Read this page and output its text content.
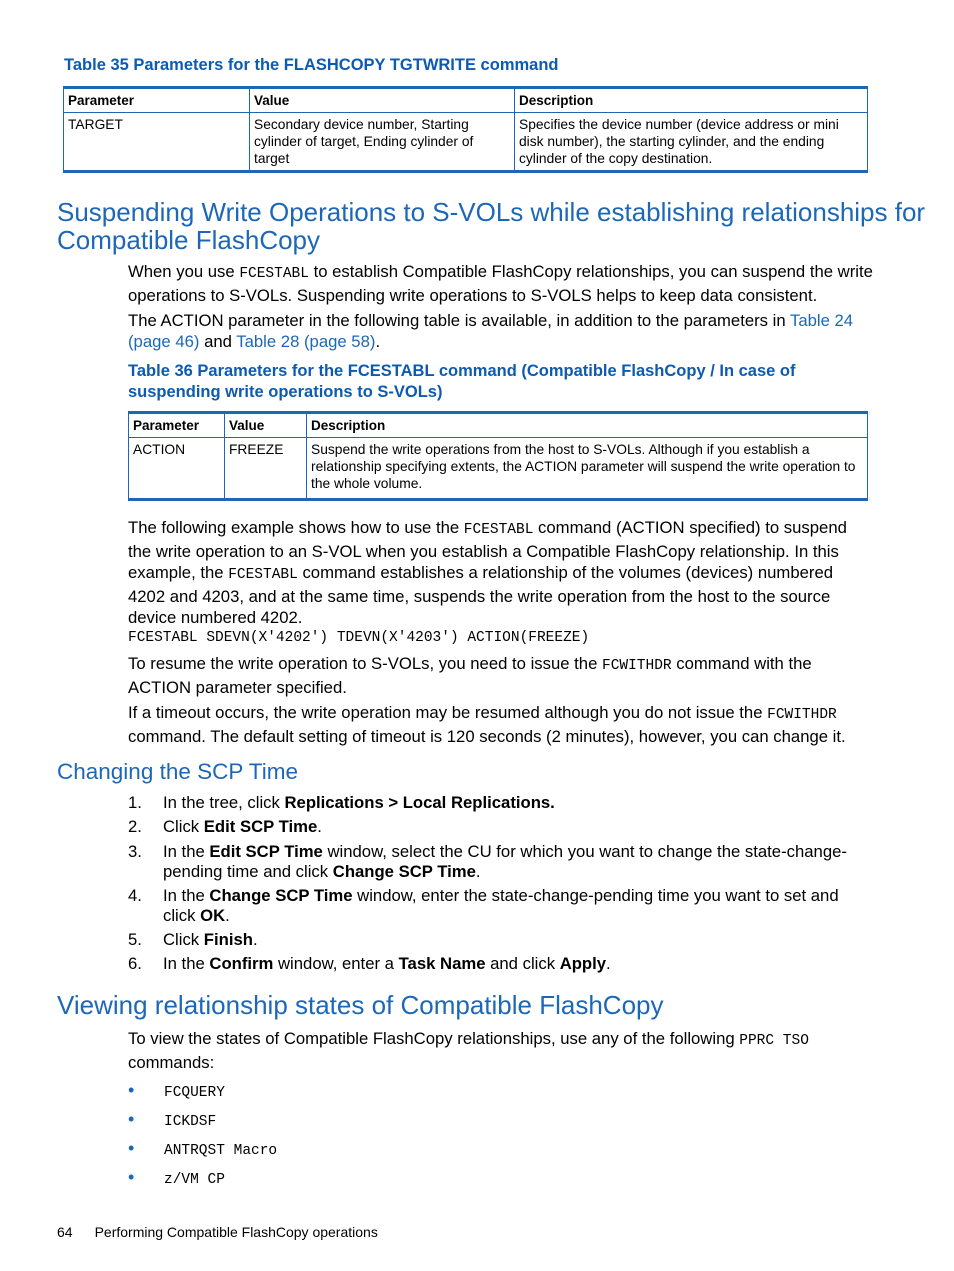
Table 35 Parameters for the FLASHCOPY TGTWRITE command
Parameter	Value	Description
TARGET	Secondary device number, Starting cylinder of target, Ending cylinder of target	Specifies the device number (device address or mini disk number), the starting cylinder, and the ending cylinder of the copy destination.
Suspending Write Operations to S-VOLs while establishing relationships for Compatible FlashCopy
When you use FCESTABL to establish Compatible FlashCopy relationships, you can suspend the write operations to S-VOLs. Suspending write operations to S-VOLS helps to keep data consistent.
The ACTION parameter in the following table is available, in addition to the parameters in Table 24 (page 46) and Table 28 (page 58).
Table 36 Parameters for the FCESTABL command (Compatible FlashCopy / In case of suspending write operations to S-VOLs)
Parameter	Value	Description
ACTION	FREEZE	Suspend the write operations from the host to S-VOLs. Although if you establish a relationship specifying extents, the ACTION parameter will suspend the write operation to the whole volume.
The following example shows how to use the FCESTABL command (ACTION specified) to suspend the write operation to an S-VOL when you establish a Compatible FlashCopy relationship. In this example, the FCESTABL command establishes a relationship of the volumes (devices) numbered 4202 and 4203, and at the same time, suspends the write operation from the host to the source device numbered 4202.
FCESTABL SDEVN(X'4202') TDEVN(X'4203') ACTION(FREEZE)
To resume the write operation to S-VOLs, you need to issue the FCWITHDR command with the ACTION parameter specified.
If a timeout occurs, the write operation may be resumed although you do not issue the FCWITHDR command. The default setting of timeout is 120 seconds (2 minutes), however, you can change it.
Changing the SCP Time
1. In the tree, click Replications > Local Replications.
2. Click Edit SCP Time.
3. In the Edit SCP Time window, select the CU for which you want to change the state-change-pending time and click Change SCP Time.
4. In the Change SCP Time window, enter the state-change-pending time you want to set and click OK.
5. Click Finish.
6. In the Confirm window, enter a Task Name and click Apply.
Viewing relationship states of Compatible FlashCopy
To view the states of Compatible FlashCopy relationships, use any of the following PPRC TSO commands:
• FCQUERY
• ICKDSF
• ANTRQST Macro
• z/VM CP
64 Performing Compatible FlashCopy operations
